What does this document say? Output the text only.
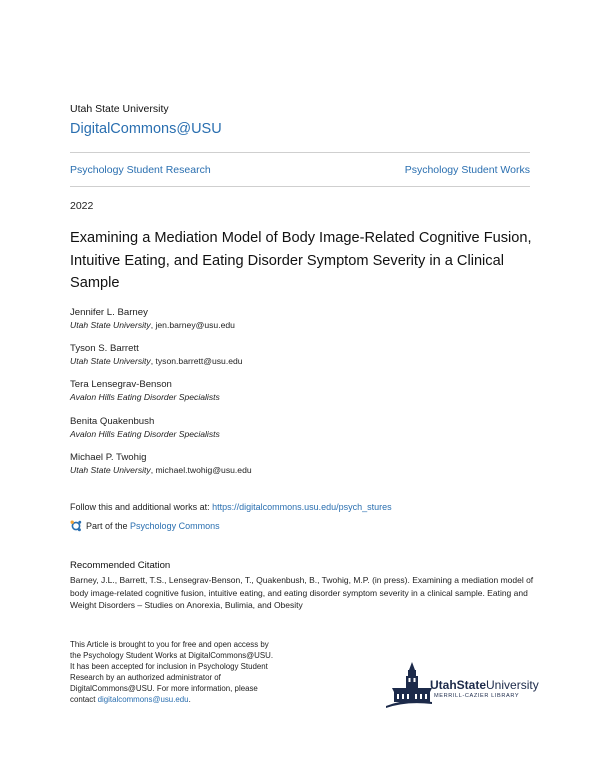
Utah State University
DigitalCommons@USU
Psychology Student Research	Psychology Student Works
2022
Examining a Mediation Model of Body Image-Related Cognitive Fusion, Intuitive Eating, and Eating Disorder Symptom Severity in a Clinical Sample
Jennifer L. Barney
Utah State University, jen.barney@usu.edu
Tyson S. Barrett
Utah State University, tyson.barrett@usu.edu
Tera Lensegrav-Benson
Avalon Hills Eating Disorder Specialists
Benita Quakenbush
Avalon Hills Eating Disorder Specialists
Michael P. Twohig
Utah State University, michael.twohig@usu.edu
Follow this and additional works at: https://digitalcommons.usu.edu/psych_stures
Part of the
Psychology Commons
Recommended Citation
Barney, J.L., Barrett, T.S., Lensegrav-Benson, T., Quakenbush, B., Twohig, M.P. (in press). Examining a mediation model of body image-related cognitive fusion, intuitive eating, and eating disorder symptom severity in a clinical sample. Eating and Weight Disorders – Studies on Anorexia, Bulimia, and Obesity
This Article is brought to you for free and open access by
the Psychology Student Works at DigitalCommons@USU.
It has been accepted for inclusion in Psychology Student
Research by an authorized administrator of
DigitalCommons@USU. For more information, please
contact digitalcommons@usu.edu.
UtahStateUniversity
MERRILL-CAZIER LIBRARY
